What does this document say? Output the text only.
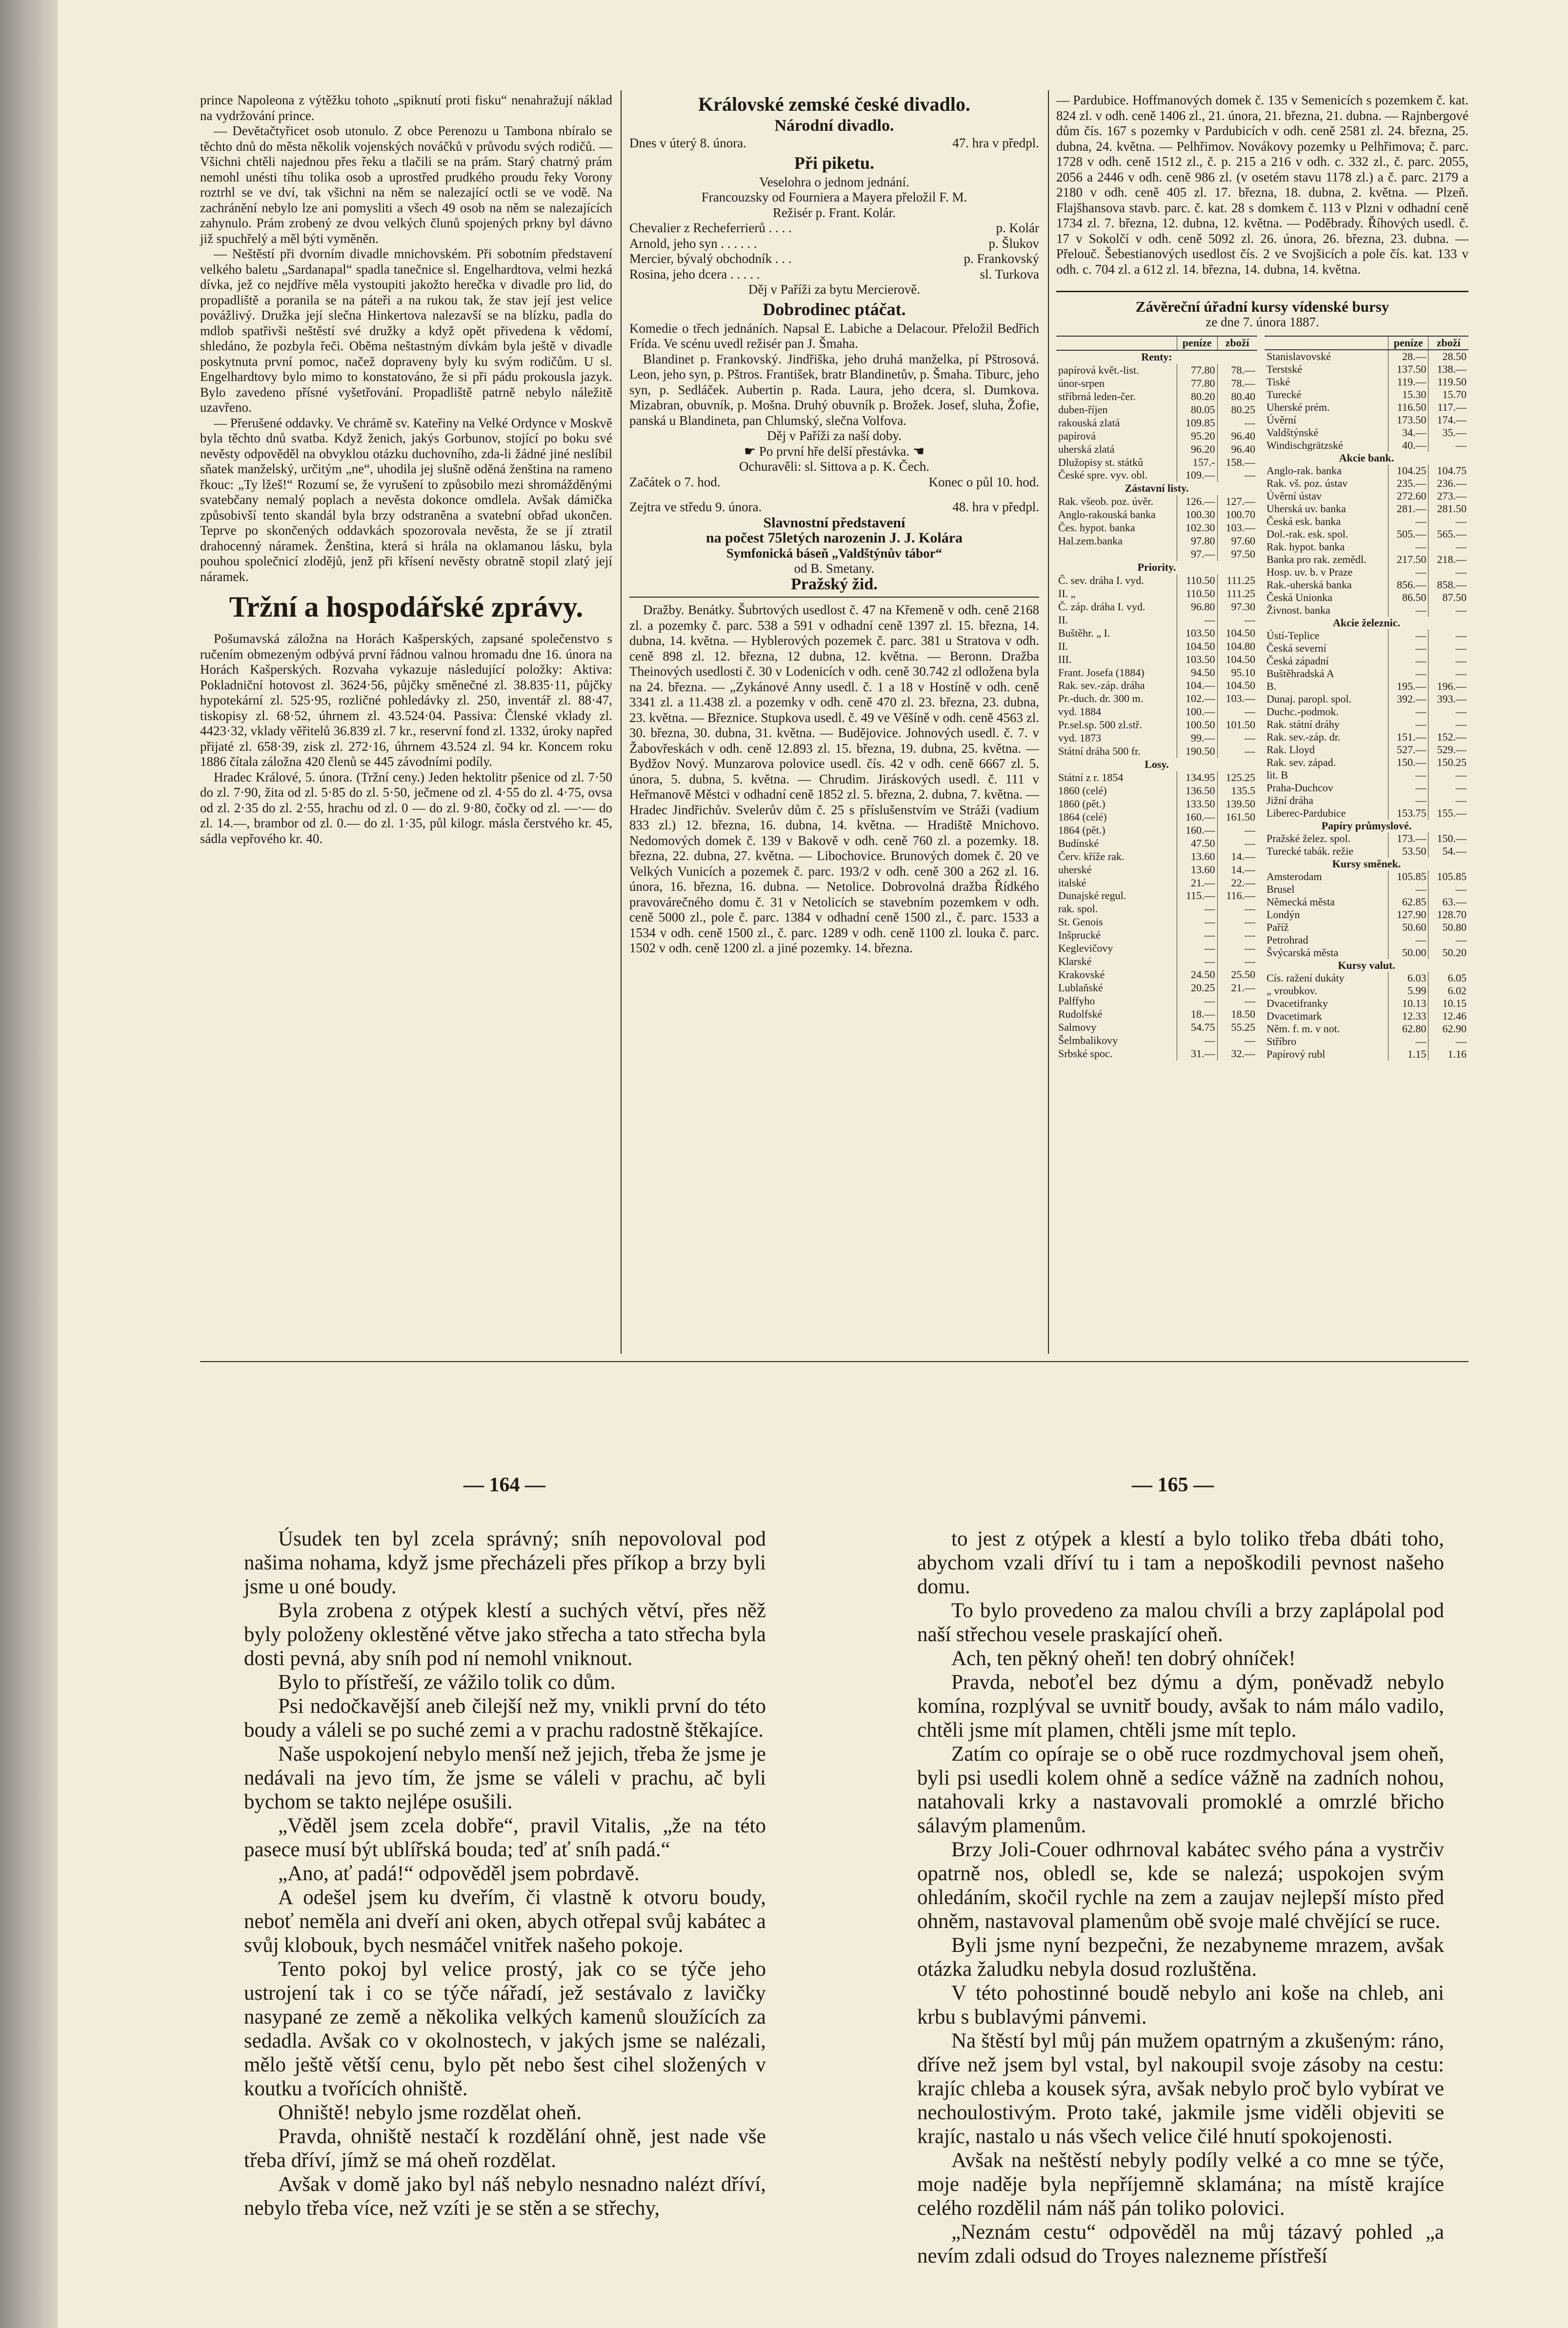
prince Napoleona z výtěžku tohoto „spiknutí proti fisku“ nenahražují náklad na vydržování prince.

— Devětačtyřicet osob utonulo. Z obce Perenozu u Tambona nbíralo se těchto dnů do města několik vojenských nováčků v průvodu svých rodičů. — Všichni chtěli najednou přes řeku a tlačili se na prám. Starý chatrný prám nemohl unésti tíhu tolika osob a uprostřed prudkého proudu řeky Vorony roztrhl se ve dví, tak všichni na něm se nalezající octli se ve vodě. Na zachránění nebylo lze ani pomysliti a všech 49 osob na něm se nalezajících zahynulo. Prám zrobený ze dvou velkých člunů spojených prkny byl dávno již spuchřelý a měl býti vyměněn.

— Neštěstí při dvorním divadle mnichovském. Při sobotním představení velkého baletu „Sardanapal“ spadla tanečnice sl. Engelhardtova, velmi hezká dívka, jež co nejdříve měla vystoupiti jakožto herečka v divadle pro lid, do propadliště a poranila se na páteři a na rukou tak, že stav její jest velice povážlivý. Družka její slečna Hinkertova nalezavší se na blízku, padla do mdlob spatřivši neštěstí své družky a když opět přivedena k vědomí, shledáno, že pozbyla řeči. Oběma neštastným dívkám byla ještě v divadle poskytnuta první pomoc, načež dopraveny byly ku svým rodičům. U sl. Engelhardtovy bylo mimo to konstatováno, že si při pádu prokousla jazyk. Bylo zavedeno přísné vyšetřování. Propadliště patrně nebylo náležitě uzavřeno.

— Přerušené oddavky. Ve chrámě sv. Kateřiny na Velké Ordynce v Moskvě byla těchto dnů svatba. Když ženich, jakýs Gorbunov, stojící po boku své nevěsty odpověděl na obvyklou otázku duchovního, zda-li žádné jiné neslíbil sňatek manželský, určitým „ne“, uhodila jej slušně oděná ženština na rameno řkouc: „Ty lžeš!“ Rozumí se, že vyrušení to způsobilo mezi shromážděnými svatebčany nemalý poplach a nevěsta dokonce omdlela. Avšak dámička způsobivší tento skandál byla brzy odstraněna a svatební obřad ukončen. Teprve po skončených oddavkách spozorovala nevěsta, že se jí ztratil drahocenný náramek. Ženština, která si hrála na oklamanou lásku, byla pouhou společnicí zlodějů, jenž při křísení nevěsty obratně stopil zlatý její náramek.

Tržní a hospodářské zprávy.

Pošumavská záložna na Horách Kašperských, zapsané společenstvo s ručením obmezeným odbývá první řádnou valnou hromadu dne 16. února na Horách Kašperských. Rozvaha vykazuje následující položky: Aktiva: Pokladniční hotovost zl. 3624·56, půjčky směnečné zl. 38.835·11, půjčky hypotekární zl. 525·95, rozličné pohledávky zl. 250, inventář zl. 88·47, tiskopisy zl. 68·52, úhrnem zl. 43.524·04. Passiva: Členské vklady zl. 4423·32, vklady věřitelů 36.839 zl. 7 kr., reservní fond zl. 1332, úroky napřed přijaté zl. 658·39, zisk zl. 272·16, úhrnem 43.524 zl. 94 kr. Koncem roku 1886 čítala záložna 420 členů se 445 závodními podíly.

Hradec Králové, 5. února. (Tržní ceny.) Jeden hektolitr pšenice od zl. 7·50 do zl. 7·90, žita od zl. 5·85 do zl. 5·50, ječmene od zl. 4·55 do zl. 4·75, ovsa od zl. 2·35 do zl. 2·55, hrachu od zl. 0 — do zl. 9·80, čočky od zl. —·— do zl. 14.—, brambor od zl. 0.— do zl. 1·35, půl kilogr. másla čerstvého kr. 45, sádla vepřového kr. 40.

Královské zemské české divadlo.
Národní divadlo.
Dnes v úterý 8. února.	47. hra v předpl.
Při piketu.
Veselohra o jednom jednání.
Francouzsky od Fourniera a Mayera přeložil F. M.
Režisér p. Frant. Kolár.
Chevalier z Recheferrierů . . . .	p. Kolár
Arnold, jeho syn . . . . . .	p. Šlukov
Mercier, bývalý obchodník . . .	p. Frankovský
Rosina, jeho dcera . . . . .	sl. Turkova
Děj v Paříži za bytu Mercierově.
Dobrodinec ptáčat.

Komedie o třech jednáních. Napsal E. Labiche a Delacour. Přeložil Bedřich Frída. Ve scénu uvedl režisér pan J. Šmaha.

Blandinet p. Frankovský. Jindřiška, jeho druhá manželka, pí Pštrosová. Leon, jeho syn, p. Pštros. František, bratr Blandinetův, p. Šmaha. Tiburc, jeho syn, p. Sedláček. Aubertin p. Rada. Laura, jeho dcera, sl. Dumkova. Mizabran, obuvník, p. Mošna. Druhý obuvník p. Brožek. Josef, sluha, Žofie, panská u Blandineta, pan Chlumský, slečna Volfova.

Děj v Paříži za naší doby.
☛ Po první hře delší přestávka. ☚
Ochuravěli: sl. Sittova a p. K. Čech.
Začátek o 7. hod.	Konec o půl 10. hod.
Zejtra ve středu 9. února.	48. hra v předpl.
Slavnostní představení
na počest 75letých narozenin J. J. Kolára
Symfonická báseň „Valdštýnův tábor“
od B. Smetany.
Pražský žid.

Dražby. Benátky. Šubrtových usedlost č. 47 na Křemeně v odh. ceně 2168 zl. a pozemky č. parc. 538 a 591 v odhadní ceně 1397 zl. 15. března, 14. dubna, 14. května. — Hyblerových pozemek č. parc. 381 u Stratova v odh. ceně 898 zl. 12. března, 12 dubna, 12. května. — Beronn. Dražba Theinových usedlosti č. 30 v Lodenicích v odh. ceně 30.742 zl odložena byla na 24. března. — „Zykánové Anny usedl. č. 1 a 18 v Hostíně v odh. ceně 3341 zl. a 11.438 zl. a pozemky v odh. ceně 470 zl. 23. března, 23. dubna, 23. května. — Březnice. Stupkova usedl. č. 49 ve Věšíně v odh. ceně 4563 zl. 30. března, 30. dubna, 31. května. — Budějovice. Johnových usedl. č. 7. v Žabovřeskách v odh. ceně 12.893 zl. 15. března, 19. dubna, 25. května. — Bydžov Nový. Munzarova polovice usedl. čís. 42 v odh. ceně 6667 zl. 5. února, 5. dubna, 5. května. — Chrudim. Jiráskových usedl. č. 111 v Heřmanově Městci v odhadní ceně 1852 zl. 5. března, 2. dubna, 7. května. — Hradec Jindřichův. Svelerův dům č. 25 s příslušenstvím ve Stráži (vadium 833 zl.) 12. března, 16. dubna, 14. května. — Hradiště Mnichovo. Nedomových domek č. 139 v Bakově v odh. ceně 760 zl. a pozemky. 18. března, 22. dubna, 27. května. — Libochovice. Brunových domek č. 20 ve Velkých Vunicích a pozemek č. parc. 193/2 v odh. ceně 300 a 262 zl. 16. února, 16. března, 16. dubna. — Netolice. Dobrovolná dražba Řídkého pravovárečného domu č. 31 v Netolicích se stavebním pozemkem v odh. ceně 5000 zl., pole č. parc. 1384 v odhadní ceně 1500 zl., č. parc. 1533 a 1534 v odh. ceně 1500 zl., č. parc. 1289 v odh. ceně 1100 zl. louka č. parc. 1502 v odh. ceně 1200 zl. a jiné pozemky. 14. března.

— Pardubice. Hoffmanových domek č. 135 v Semenicích s pozemkem č. kat. 824 zl. v odh. ceně 1406 zl., 21. února, 21. března, 21. dubna. — Rajnbergové dům čís. 167 s pozemky v Pardubicích v odh. ceně 2581 zl. 24. března, 25. dubna, 24. května. — Pelhřimov. Novákovy pozemky u Pelhřimova; č. parc. 1728 v odh. ceně 1512 zl., č. p. 215 a 216 v odh. c. 332 zl., č. parc. 2055, 2056 a 2446 v odh. ceně 986 zl. (v osetém stavu 1178 zl.) a č. parc. 2179 a 2180 v odh. ceně 405 zl. 17. března, 18. dubna, 2. května. — Plzeň. Flajšhansova stavb. parc. č. kat. 28 s domkem č. 113 v Plzni v odhadní ceně 1734 zl. 7. března, 12. dubna, 12. května. — Poděbrady. Říhových usedl. č. 17 v Sokolčí v odh. ceně 5092 zl. 26. února, 26. března, 23. dubna. — Přelouč. Šebestianových usedlost čís. 2 ve Svojšicích a pole čís. kat. 133 v odh. c. 704 zl. a 612 zl. 14. března, 14. dubna, 14. května.

Závěreční úřadní kursy vídenské bursy
ze dne 7. února 1887.
	peníze	zboží
Renty:		
papírová květ.-list.	77.80	78.—
únor-srpen	77.80	78.—
stříbrná leden-čer.	80.20	80.40
duben-říjen	80.05	80.25
rakouská zlatá	109.85	—
papírová	95.20	96.40
uherská zlatá	96.20	96.40
Dlužopisy st. státků	157.-	158.—
České spre. vyv. obl.	109.—	—
Zástavní listy.		
Rak. všeob. poz. úvěr.	126.—	127.—
Anglo-rakouská banka	100.30	100.70
Čes. hypot. banka	102.30	103.—
Hal.zem.banka	97.80	97.60
	97.—	97.50
Priority.		
Č. sev. dráha I. vyd.	110.50	111.25
II. „	110.50	111.25
Č. záp. dráha I. vyd.	96.80	97.30
II.	—	—
Buštěhr. „ I.	103.50	104.50
II.	104.50	104.80
III.	103.50	104.50
Frant. Josefa (1884)	94.50	95.10
Rak. sev.-záp. dráha	104.—	104.50
Pr.-duch. dr. 300 m.	102.—	103.—
vyd. 1884	100.—	—
Pr.sel.sp. 500 zl.stř.	100.50	101.50
vyd. 1873	99.—	—
Státní dráha 500 fr.	190.50	—
Losy.		
Státní z r. 1854	134.95	125.25
1860 (celé)	136.50	135.5
1860 (pět.)	133.50	139.50
1864 (celé)	160.—	161.50
1864 (pět.)	160.—	—
Budínské	47.50	—
Červ. kříže rak.	13.60	14.—
uherské	13.60	14.—
italské	21.—	22.—
Dunajské regul.	115.—	116.—
rak. spol.	—	—
St. Genois	—	—
Inšprucké	—	—
Keglevičovy	—	—
Klarské	—	—
Krakovské	24.50	25.50
Lublaňské	20.25	21.—
Palffyho	—	—
Rudolfské	18.—	18.50
Salmovy	54.75	55.25
Šelmbalikovy	—	—
Srbské spoc.	31.—	32.—
	peníze	zboží
Stanislavovské	28.—	28.50
Terstské	137.50	138.—
Tiské	119.—	119.50
Turecké	15.30	15.70
Uherské prém.	116.50	117.—
Úvěrní	173.50	174.—
Valdštýnské	34.—	35.—
Windischgrätzské	40.—	—
Akcie bank.		
Anglo-rak. banka	104.25	104.75
Rak. vš. poz. ústav	235.—	236.—
Úvěrní ústav	272.60	273.—
Uherská uv. banka	281.—	281.50
Česká esk. banka	—	—
Dol.-rak. esk. spol.	505.—	565.—
Rak. hypot. banka	—	—
Banka pro rak. zemědl.	217.50	218.—
Hosp. uv. b. v Praze	—	—
Rak.-uherská banka	856.—	858.—
Česká Unionka	86.50	87.50
Živnost. banka	—	—
Akcie železnic.		
Ústí-Teplice	—	—
Česká severní	—	—
Česká západní	—	—
Buštěhradská A	—	—
B.	195.—	196.—
Dunaj. paropl. spol.	392.—	393.—
Duchc.-podmok.	—	—
Rak. státní dráhy	—	—
Rak. sev.-záp. dr.	151.—	152.—
Rak. Lloyd	527.—	529.—
Rak. sev. západ.	150.—	150.25
lit. B	—	—
Praha-Duchcov	—	—
Jižní dráha	—	—
Liberec-Pardubice	153.75	155.—
Papíry průmyslové.		
Pražské želez. spol.	173.—	150.—
Turecké tabák. režie	53.50	54.—
Kursy směnek.		
Amsterodam	105.85	105.85
Brusel	—	—
Německá města	62.85	63.—
Londýn	127.90	128.70
Paříž	50.60	50.80
Petrohrad	—	—
Švýcarská města	50.00	50.20
Kursy valut.		
Cís. ražení dukáty	6.03	6.05
„ vroubkov.	5.99	6.02
Dvacetifranky	10.13	10.15
Dvacetimark	12.33	12.46
Něm. f. m. v not.	62.80	62.90
Stříbro	—	—
Papírový rubl	1.15	1.16
— 164 —	— 165 —

Úsudek ten byl zcela správný; sníh nepovoloval pod našima nohama, když jsme přecházeli přes příkop a brzy byli jsme u oné boudy.

Byla zrobena z otýpek klestí a suchých větví, přes něž byly položeny oklestěné větve jako střecha a tato střecha byla dosti pevná, aby sníh pod ní nemohl vniknout.

Bylo to přístřeší, ze vážilo tolik co dům.

Psi nedočkavější aneb čilejší než my, vnikli první do této boudy a váleli se po suché zemi a v prachu radostně štěkajíce.

Naše uspokojení nebylo menší než jejich, třeba že jsme je nedávali na jevo tím, že jsme se váleli v prachu, ač byli bychom se takto nejlépe osušili.

„Věděl jsem zcela dobře“, pravil Vitalis, „že na této pasece musí být ublířská bouda; teď ať sníh padá.“

„Ano, ať padá!“ odpověděl jsem pobrdavě.

A odešel jsem ku dveřím, či vlastně k otvoru boudy, neboť neměla ani dveří ani oken, abych otřepal svůj kabátec a svůj klobouk, bych nesmáčel vnitřek našeho pokoje.

Tento pokoj byl velice prostý, jak co se týče jeho ustrojení tak i co se týče nářadí, jež sestávalo z lavičky nasypané ze země a několika velkých kamenů sloužících za sedadla. Avšak co v okolnostech, v jakých jsme se nalézali, mělo ještě větší cenu, bylo pět nebo šest cihel složených v koutku a tvořících ohniště.

Ohniště! nebylo jsme rozdělat oheň.

Pravda, ohniště nestačí k rozdělání ohně, jest nade vše třeba dříví, jímž se má oheň rozdělat.

Avšak v domě jako byl náš nebylo nesnadno nalézt dříví, nebylo třeba více, než vzíti je se stěn a se střechy,

to jest z otýpek a klestí a bylo toliko třeba dbáti toho, abychom vzali dříví tu i tam a nepoškodili pevnost našeho domu.

To bylo provedeno za malou chvíli a brzy zaplápolal pod naší střechou vesele praskající oheň.

Ach, ten pěkný oheň! ten dobrý ohníček!

Pravda, neboťel bez dýmu a dým, poněvadž nebylo komína, rozplýval se uvnitř boudy, avšak to nám málo vadilo, chtěli jsme mít plamen, chtěli jsme mít teplo.

Zatím co opíraje se o obě ruce rozdmychoval jsem oheň, byli psi usedli kolem ohně a sedíce vážně na zadních nohou, natahovali krky a nastavovali promoklé a omrzlé břicho sálavým plamenům.

Brzy Joli-Couer odhrnoval kabátec svého pána a vystrčiv opatrně nos, obledl se, kde se nalezá; uspokojen svým ohledáním, skočil rychle na zem a zaujav nejlepší místo před ohněm, nastavoval plamenům obě svoje malé chvějící se ruce.

Byli jsme nyní bezpečni, že nezabyneme mrazem, avšak otázka žaludku nebyla dosud rozluštěna.

V této pohostinné boudě nebylo ani koše na chleb, ani krbu s bublavými pánvemi.

Na štěstí byl můj pán mužem opatrným a zkušeným: ráno, dříve než jsem byl vstal, byl nakoupil svoje zásoby na cestu: krajíc chleba a kousek sýra, avšak nebylo proč bylo vybírat ve nechoulostivým. Proto také, jakmile jsme viděli objeviti se krajíc, nastalo u nás všech velice čilé hnutí spokojenosti.

Avšak na neštěstí nebyly podíly velké a co mne se týče, moje naděje byla nepříjemně sklamána; na místě krajíce celého rozdělil nám náš pán toliko polovici.

„Neznám cestu“ odpověděl na můj tázavý pohled „a nevím zdali odsud do Troyes nalezneme přístřeší
